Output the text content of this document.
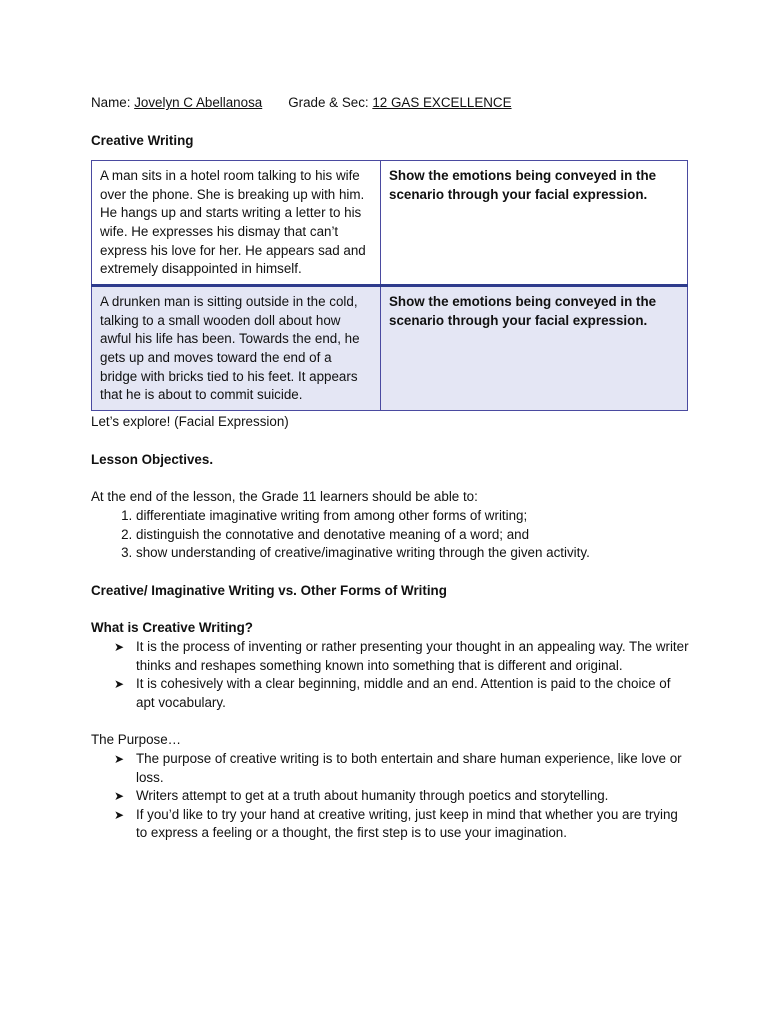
Name: Jovelyn C Abellanosa Grade & Sec: 12 GAS EXCELLENCE

Creative Writing

A man sits in a hotel room talking to his wife over the phone. She is breaking up with him. He hangs up and starts writing a letter to his wife. He expresses his dismay that can’t express his love for her. He appears sad and extremely disappointed in himself.	Show the emotions being conveyed in the scenario through your facial expression.
A drunken man is sitting outside in the cold, talking to a small wooden doll about how awful his life has been. Towards the end, he gets up and moves toward the end of a bridge with bricks tied to his feet. It appears that he is about to commit suicide.	Show the emotions being conveyed in the scenario through your facial expression.

Let’s explore! (Facial Expression)

Lesson Objectives.

At the end of the lesson, the Grade 11 learners should be able to:

1. differentiate imaginative writing from among other forms of writing;
2. distinguish the connotative and denotative meaning of a word; and
3. show understanding of creative/imaginative writing through the given activity.

Creative/ Imaginative Writing vs. Other Forms of Writing

What is Creative Writing?

➤ It is the process of inventing or rather presenting your thought in an appealing way. The writer thinks and reshapes something known into something that is different and original.
➤ It is cohesively with a clear beginning, middle and an end. Attention is paid to the choice of apt vocabulary.

The Purpose…

➤ The purpose of creative writing is to both entertain and share human experience, like love or loss.
➤ Writers attempt to get at a truth about humanity through poetics and storytelling.
➤ If you’d like to try your hand at creative writing, just keep in mind that whether you are trying to express a feeling or a thought, the first step is to use your imagination.
